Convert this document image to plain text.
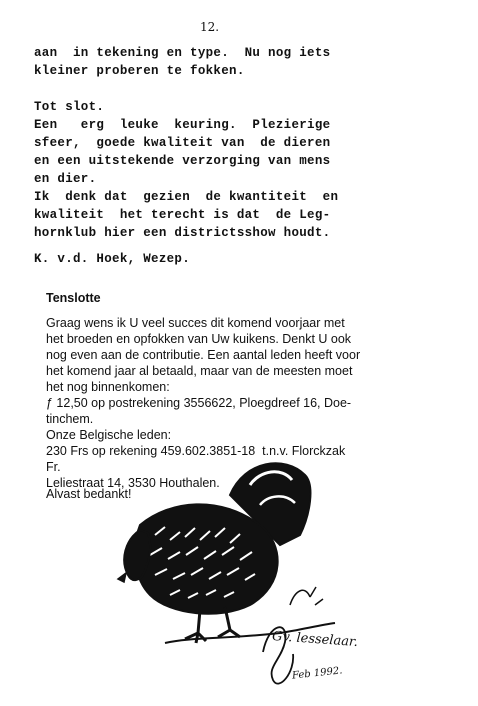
12.
aan  in tekening en type.  Nu nog iets
kleiner proberen te fokken.
Tot slot.
Een   erg  leuke  keuring.  Plezierige
sfeer,  goede kwaliteit van  de dieren
en een uitstekende verzorging van mens
en dier.
Ik  denk dat  gezien  de kwantiteit  en
kwaliteit  het terecht is dat  de Leg-
hornklub hier een districtsshow houdt.
K. v.d. Hoek, Wezep.
Tenslotte
Graag wens ik U veel succes dit komend voorjaar met
het broeden en opfokken van Uw kuikens. Denkt U ook
nog even aan de contributie. Een aantal leden heeft voor
het komend jaar al betaald, maar van de meesten moet
het nog binnenkomen:
ƒ 12,50 op postrekening 3556622, Ploegdreef 16, Doe-
tinchem.
Onze Belgische leden:
230 Frs op rekening 459.602.3851-18  t.n.v. Florckzak
Fr.
Leliestraat 14, 3530 Houthalen.
Alvast bedankt!
Gv. lesselaar.
Feb 1992.
